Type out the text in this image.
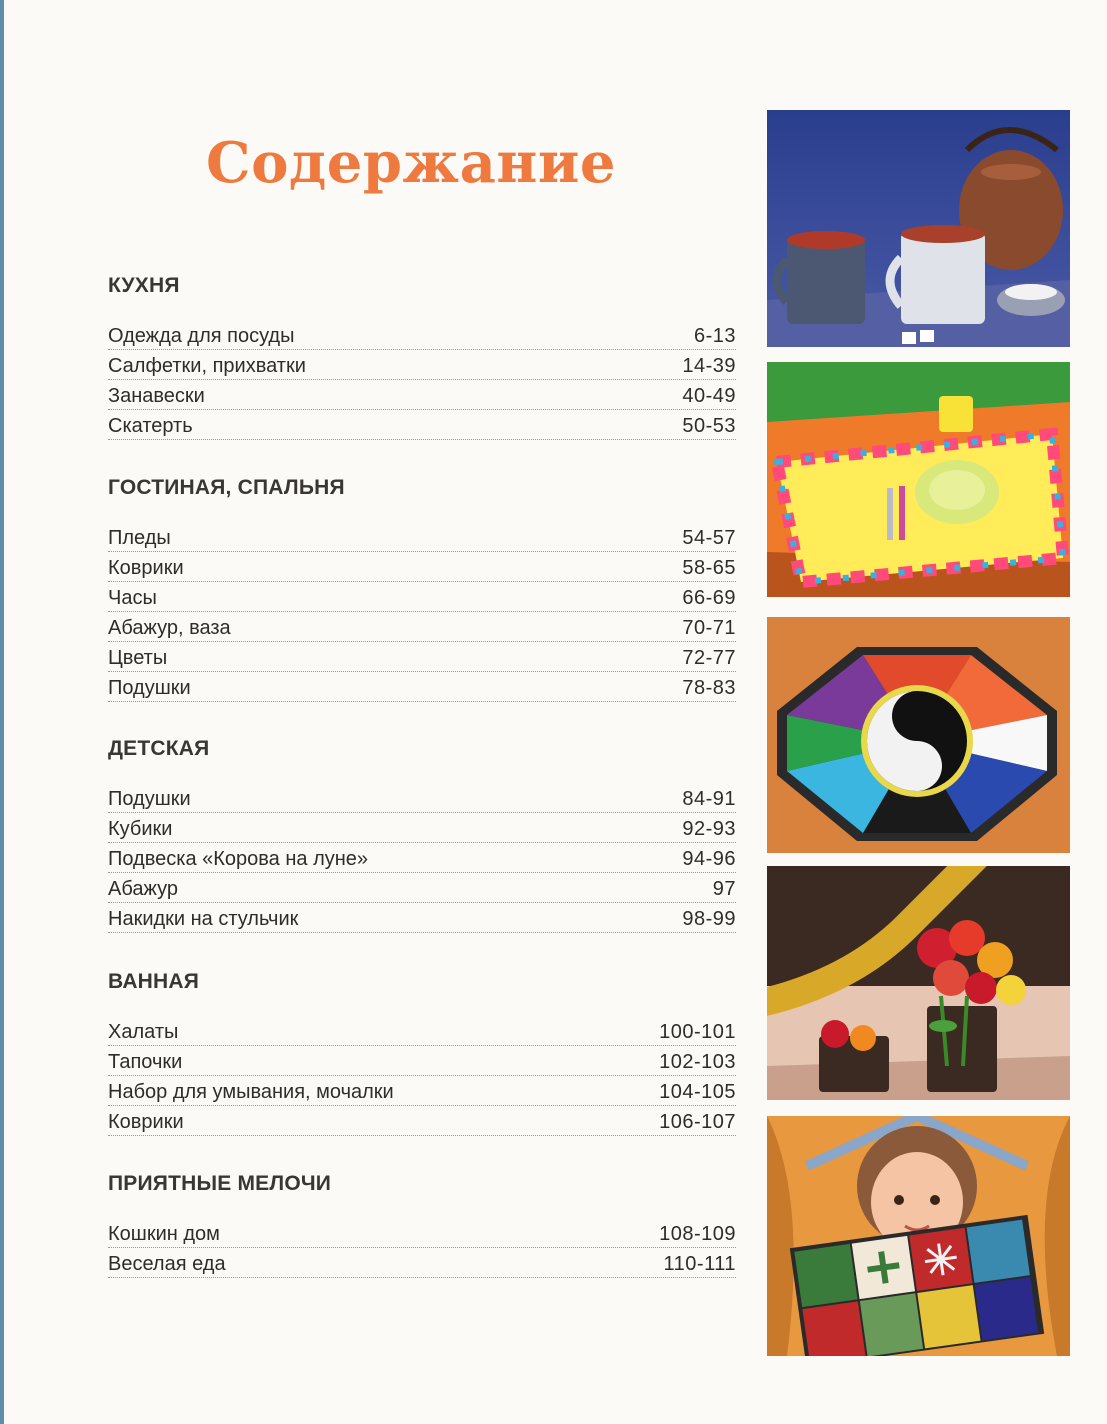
Содержание
КУХНЯ
Одежда для посуды	6-13
Салфетки, прихватки	14-39
Занавески	40-49
Скатерть	50-53
ГОСТИНАЯ, СПАЛЬНЯ
Пледы	54-57
Коврики	58-65
Часы	66-69
Абажур, ваза	70-71
Цветы	72-77
Подушки	78-83
ДЕТСКАЯ
Подушки	84-91
Кубики	92-93
Подвеска «Корова на луне»	94-96
Абажур	97
Накидки на стульчик	98-99
ВАННАЯ
Халаты	100-101
Тапочки	102-103
Набор для умывания, мочалки	104-105
Коврики	106-107
ПРИЯТНЫЕ МЕЛОЧИ
Кошкин дом	108-109
Веселая еда	110-111
